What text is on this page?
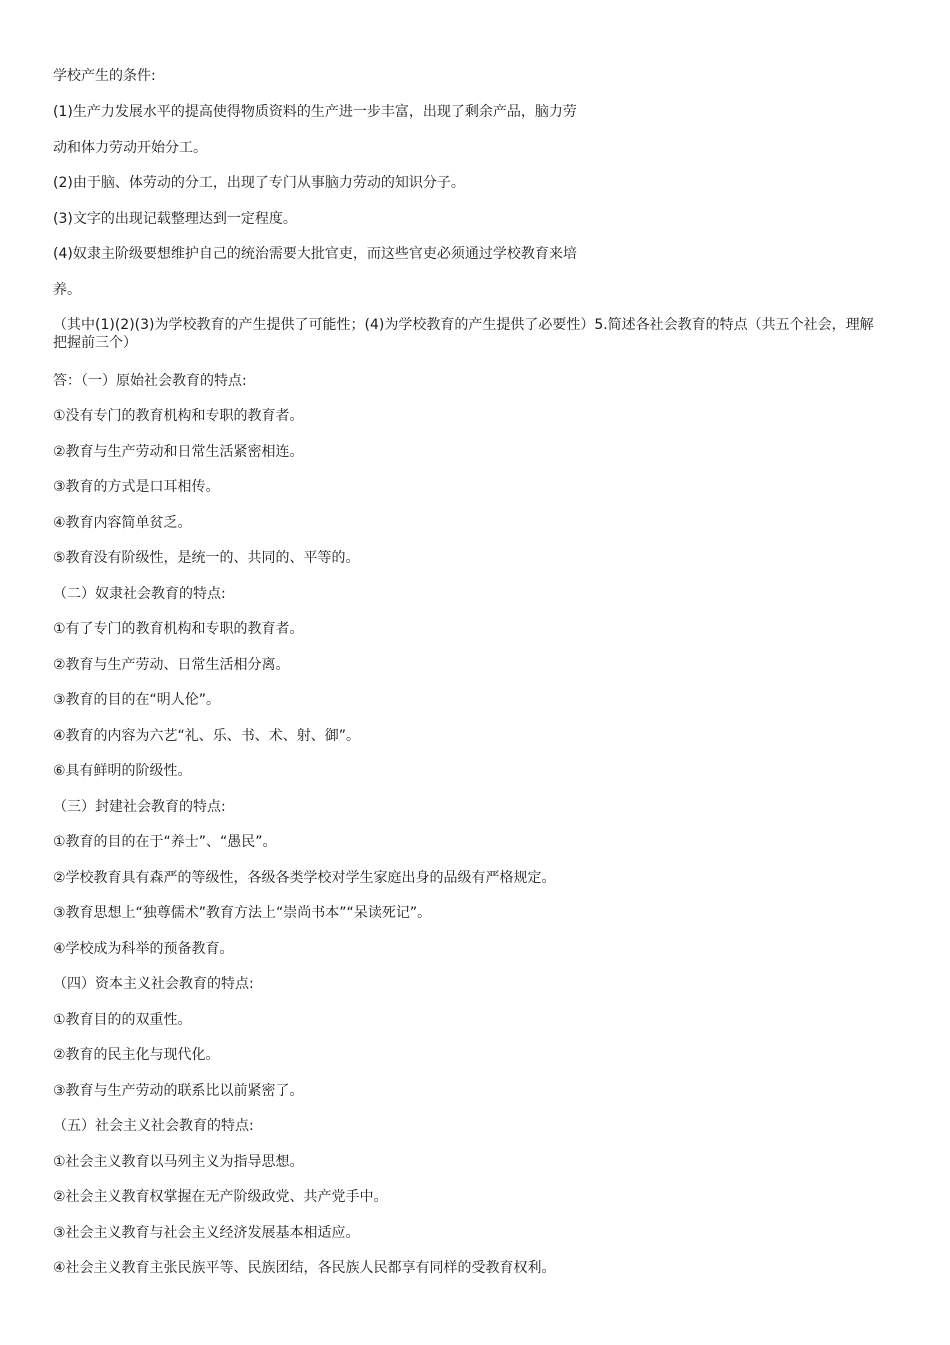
学校产生的条件:
(1)生产力发展水平的提高使得物质资料的生产进一步丰富，出现了剩余产品，脑力劳
动和体力劳动开始分工。
(2)由于脑、体劳动的分工，出现了专门从事脑力劳动的知识分子。
(3)文字的出现记载整理达到一定程度。
(4)奴隶主阶级要想维护自己的统治需要大批官吏，而这些官吏必须通过学校教育来培
养。
（其中(1)(2)(3)为学校教育的产生提供了可能性；(4)为学校教育的产生提供了必要性）5.简述各社会教育的特点（共五个社会，理解把握前三个）
答：（一）原始社会教育的特点:
①没有专门的教育机构和专职的教育者。
②教育与生产劳动和日常生活紧密相连。
③教育的方式是口耳相传。
④教育内容简单贫乏。
⑤教育没有阶级性，是统一的、共同的、平等的。
（二）奴隶社会教育的特点:
①有了专门的教育机构和专职的教育者。
②教育与生产劳动、日常生活相分离。
③教育的目的在“明人伦”。
④教育的内容为六艺“礼、乐、书、术、射、御”。
⑥具有鲜明的阶级性。
（三）封建社会教育的特点:
①教育的目的在于“养士”、“愚民”。
②学校教育具有森严的等级性，各级各类学校对学生家庭出身的品级有严格规定。
③教育思想上“独尊儒术”教育方法上“崇尚书本”“呆读死记”。
④学校成为科举的预备教育。
（四）资本主义社会教育的特点:
①教育目的的双重性。
②教育的民主化与现代化。
③教育与生产劳动的联系比以前紧密了。
（五）社会主义社会教育的特点:
①社会主义教育以马列主义为指导思想。
②社会主义教育权掌握在无产阶级政党、共产党手中。
③社会主义教育与社会主义经济发展基本相适应。
④社会主义教育主张民族平等、民族团结，各民族人民都享有同样的受教育权利。
